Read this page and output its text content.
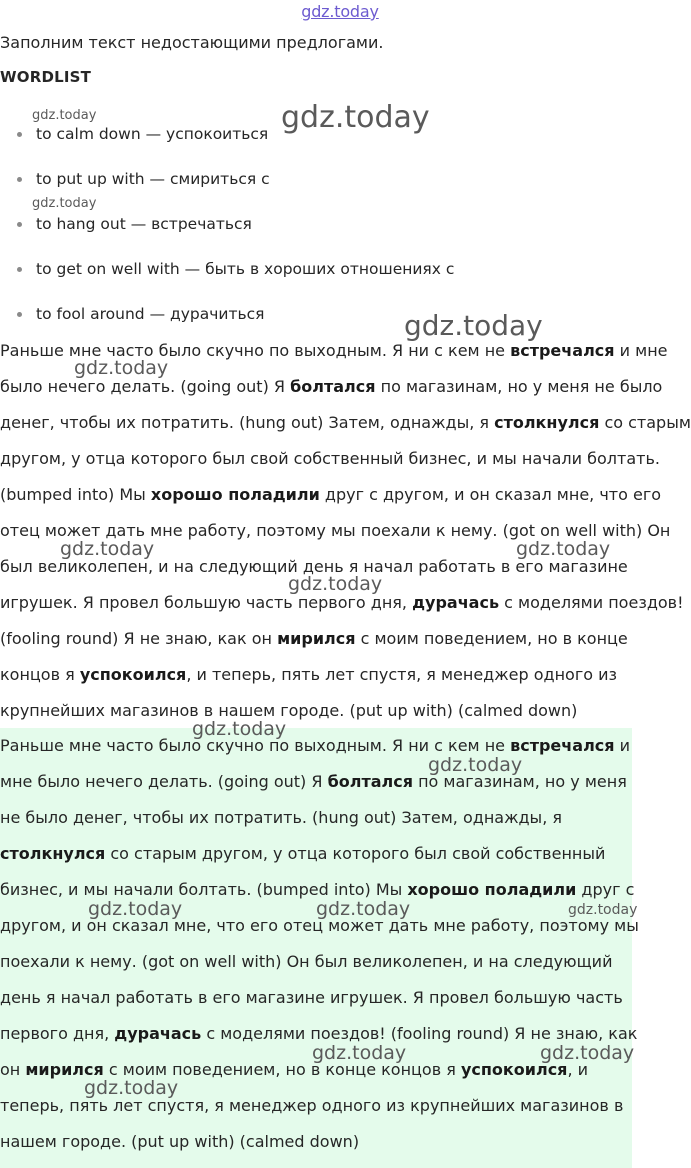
gdz.today
Заполним текст недостающими предлогами.
WORDLIST
to calm down — успокоиться
to put up with — смириться с
to hang out — встречаться
to get on well with — быть в хороших отношениях с
to fool around — дурачиться
Раньше мне часто было скучно по выходным. Я ни с кем не встречался и мне
было нечего делать. (going out) Я болтался по магазинам, но у меня не было
денег, чтобы их потратить. (hung out) Затем, однажды, я столкнулся со старым
другом, у отца которого был свой собственный бизнес, и мы начали болтать.
(bumped into) Мы хорошо поладили друг с другом, и он сказал мне, что его
отец может дать мне работу, поэтому мы поехали к нему. (got on well with) Он
был великолепен, и на следующий день я начал работать в его магазине
игрушек. Я провел большую часть первого дня, дурачась с моделями поездов!
(fooling round) Я не знаю, как он мирился с моим поведением, но в конце
концов я успокоился, и теперь, пять лет спустя, я менеджер одного из
крупнейших магазинов в нашем городе. (put up with) (calmed down)
Раньше мне часто было скучно по выходным. Я ни с кем не встречался и
мне было нечего делать. (going out) Я болтался по магазинам, но у меня
не было денег, чтобы их потратить. (hung out) Затем, однажды, я
столкнулся со старым другом, у отца которого был свой собственный
бизнес, и мы начали болтать. (bumped into) Мы хорошо поладили друг с
другом, и он сказал мне, что его отец может дать мне работу, поэтому мы
поехали к нему. (got on well with) Он был великолепен, и на следующий
день я начал работать в его магазине игрушек. Я провел большую часть
первого дня, дурачась с моделями поездов! (fooling round) Я не знаю, как
он мирился с моим поведением, но в конце концов я успокоился, и
теперь, пять лет спустя, я менеджер одного из крупнейших магазинов в
нашем городе. (put up with) (calmed down)
gdz.today	gdz.today
gdz.today
gdz.today
gdz.today
gdz.today	gdz.today
gdz.today
gdz.today
gdz.today
gdz.today	gdz.today	gdz.today
gdz.today	gdz.today
gdz.today
